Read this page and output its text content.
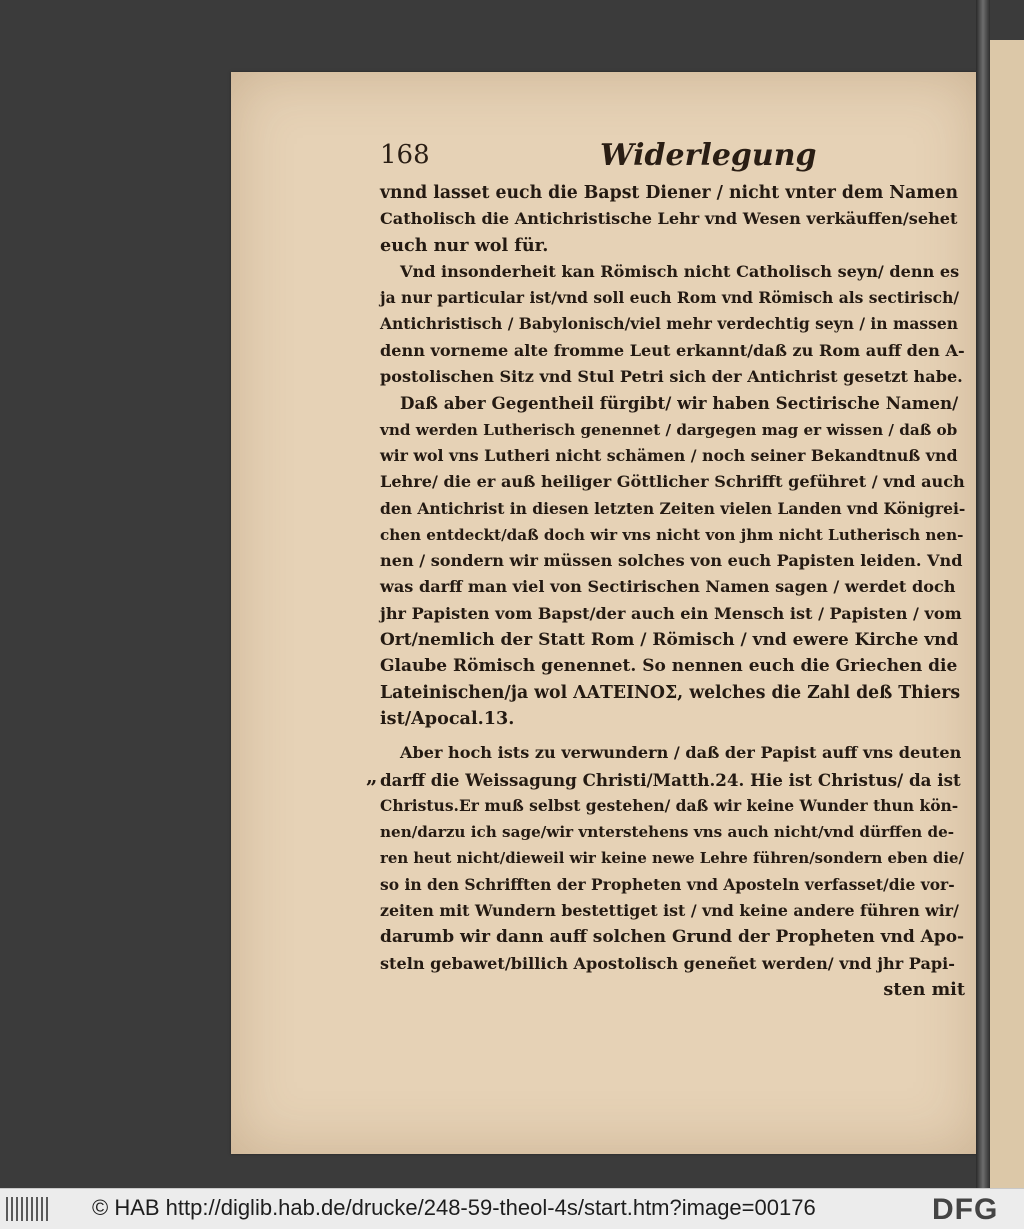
168	Widerlegung
„
vnnd lasset euch die Bapst Diener / nicht vnter dem Namen
Catholisch die Antichristische Lehr vnd Wesen verkäuffen/sehet
euch nur wol für.
Vnd insonderheit kan Römisch nicht Catholisch seyn/ denn es
ja nur particular ist/vnd soll euch Rom vnd Römisch als sectirisch/
Antichristisch / Babylonisch/viel mehr verdechtig seyn / in massen
denn vorneme alte fromme Leut erkannt/daß zu Rom auff den A-
postolischen Sitz vnd Stul Petri sich der Antichrist gesetzt habe.
Daß aber Gegentheil fürgibt/ wir haben Sectirische Namen/
vnd werden Lutherisch genennet / dargegen mag er wissen / daß ob
wir wol vns Lutheri nicht schämen / noch seiner Bekandtnuß vnd
Lehre/ die er auß heiliger Göttlicher Schrifft geführet / vnd auch
den Antichrist in diesen letzten Zeiten vielen Landen vnd Königrei-
chen entdeckt/daß doch wir vns nicht von jhm nicht Lutherisch nen-
nen / sondern wir müssen solches von euch Papisten leiden. Vnd
was darff man viel von Sectirischen Namen sagen / werdet doch
jhr Papisten vom Bapst/der auch ein Mensch ist / Papisten / vom
Ort/nemlich der Statt Rom / Römisch / vnd ewere Kirche vnd
Glaube Römisch genennet. So nennen euch die Griechen die
Lateinischen/ja wol ΛΑΤΕΙΝΟΣ, welches die Zahl deß Thiers
ist/Apocal.13.
Aber hoch ists zu verwundern / daß der Papist auff vns deuten
darff die Weissagung Christi/Matth.24. Hie ist Christus/ da ist
Christus.Er muß selbst gestehen/ daß wir keine Wunder thun kön-
nen/darzu ich sage/wir vnterstehens vns auch nicht/vnd dürffen de-
ren heut nicht/dieweil wir keine newe Lehre führen/sondern eben die/
so in den Schrifften der Propheten vnd Aposteln verfasset/die vor-
zeiten mit Wundern bestettiget ist / vnd keine andere führen wir/
darumb wir dann auff solchen Grund der Propheten vnd Apo-
steln gebawet/billich Apostolisch geneñet werden/ vnd jhr Papi-
sten mit
© HAB http://diglib.hab.de/drucke/248-59-theol-4s/start.htm?image=00176	DFG
